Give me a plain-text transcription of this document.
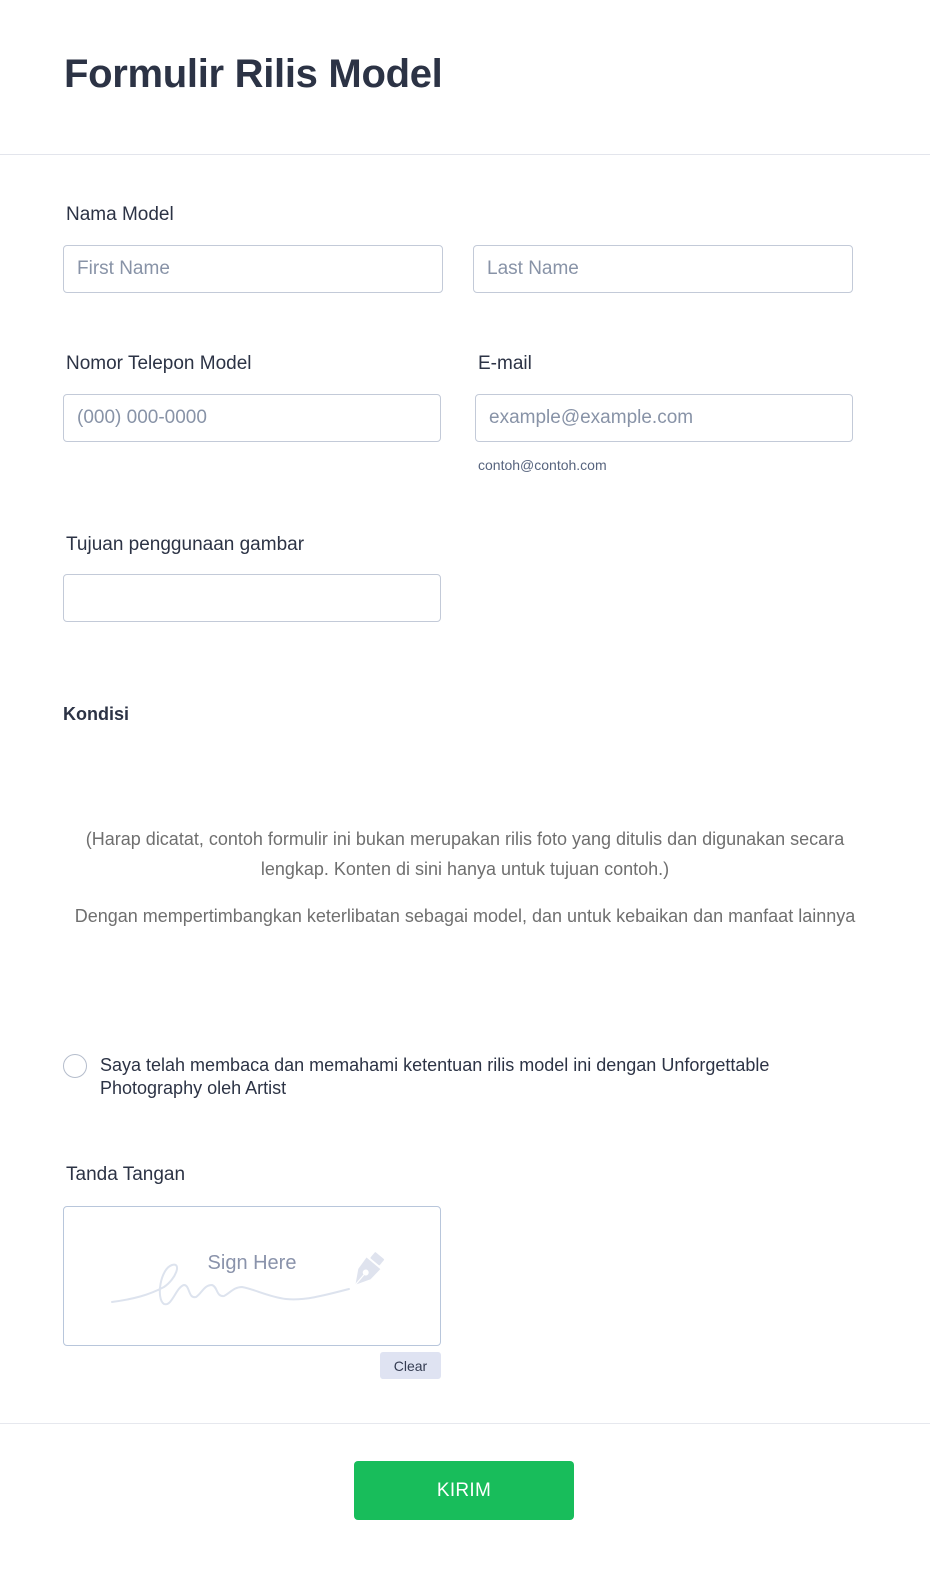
Formulir Rilis Model
Nama Model
First Name
Last Name
Nomor Telepon Model
(000) 000-0000	E-mail
example@example.com
contoh@contoh.com
Tujuan penggunaan gambar
Kondisi

(Harap dicatat, contoh formulir ini bukan merupakan rilis foto yang ditulis dan digunakan secara lengkap. Konten di sini hanya untuk tujuan contoh.)

Dengan mempertimbangkan keterlibatan sebagai model, dan untuk kebaikan dan manfaat lainnya

Saya telah membaca dan memahami ketentuan rilis model ini dengan Unforgettable Photography oleh Artist
Tanda Tangan
Sign Here
Clear
KIRIM
